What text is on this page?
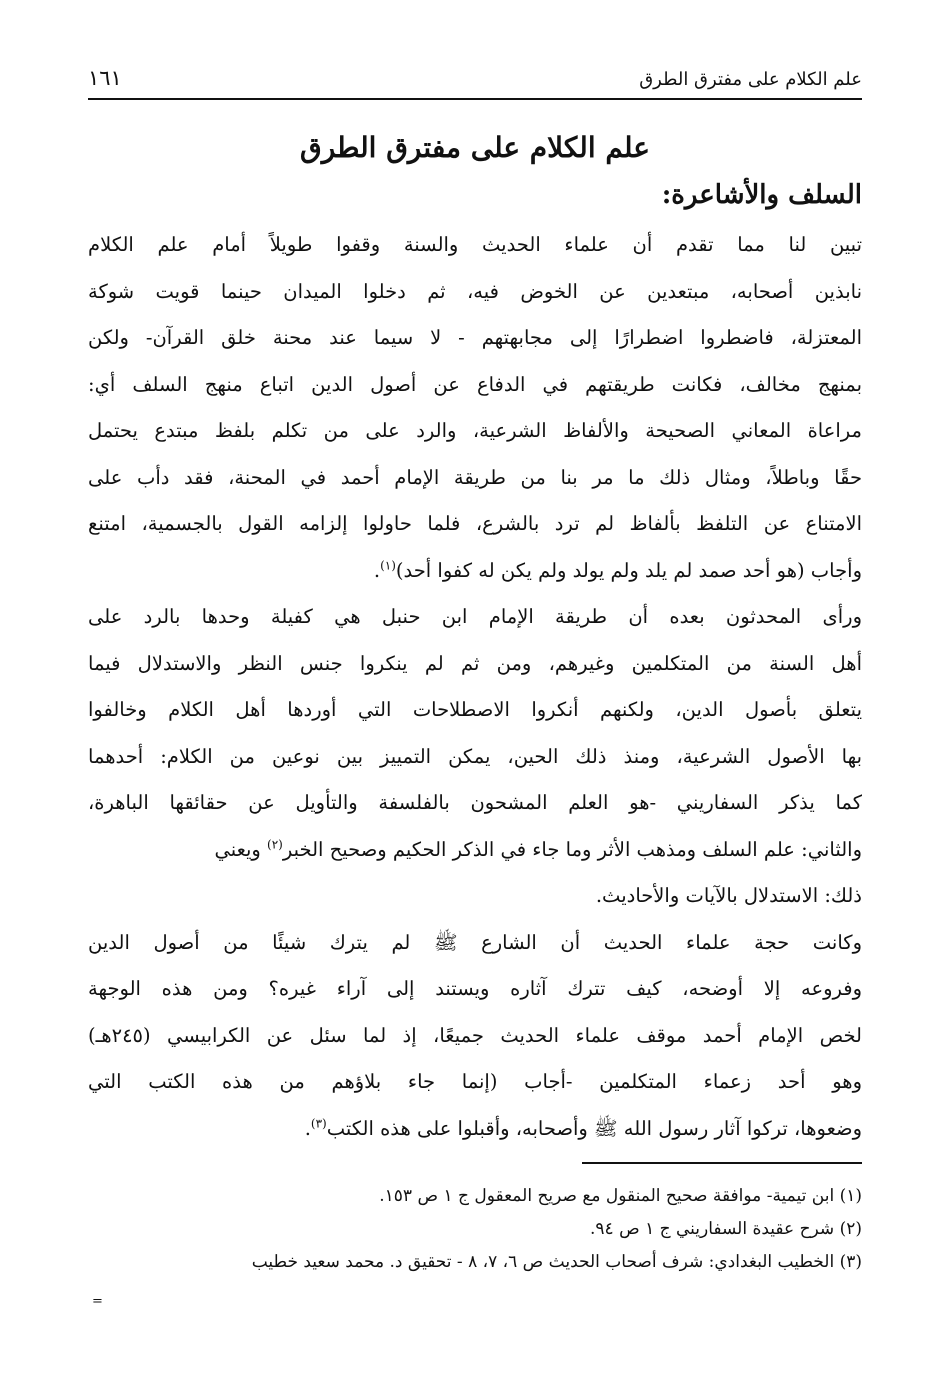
علم الكلام على مفترق الطرق
١٦١
علم الكلام على مفترق الطرق
السلف والأشاعرة:
تبين لنا مما تقدم أن علماء الحديث والسنة وقفوا طويلاً أمام علم الكلام
نابذين أصحابه، مبتعدين عن الخوض فيه، ثم دخلوا الميدان حينما قويت شوكة
المعتزلة، فاضطروا اضطرارًا إلى مجابهتهم - لا سيما عند محنة خلق القرآن- ولكن
بمنهج مخالف، فكانت طريقتهم في الدفاع عن أصول الدين اتباع منهج السلف أي:
مراعاة المعاني الصحيحة والألفاظ الشرعية، والرد على من تكلم بلفظ مبتدع يحتمل
حقًا وباطلاً، ومثال ذلك ما مر بنا من طريقة الإمام أحمد في المحنة، فقد دأب على
الامتناع عن التلفظ بألفاظ لم ترد بالشرع، فلما حاولوا إلزامه القول بالجسمية، امتنع
وأجاب (هو أحد صمد لم يلد ولم يولد ولم يكن له كفوا أحد)$^{(١)}$.
ورأى المحدثون بعده أن طريقة الإمام ابن حنبل هي كفيلة وحدها بالرد على
أهل السنة من المتكلمين وغيرهم، ومن ثم لم ينكروا جنس النظر والاستدلال فيما
يتعلق بأصول الدين، ولكنهم أنكروا الاصطلاحات التي أوردها أهل الكلام وخالفوا
بها الأصول الشرعية، ومنذ ذلك الحين، يمكن التمييز بين نوعين من الكلام: أحدهما
كما يذكر السفاريني -هو العلم المشحون بالفلسفة والتأويل عن حقائقها الباهرة،
والثاني: علم السلف ومذهب الأثر وما جاء في الذكر الحكيم وصحيح الخبر$^{(٢)}$ ويعني
ذلك: الاستدلال بالآيات والأحاديث.
وكانت حجة علماء الحديث أن الشارع ﷺ لم يترك شيئًا من أصول الدين
وفروعه إلا أوضحه، كيف تترك آثاره ويستند إلى آراء غيره؟ ومن هذه الوجهة
لخص الإمام أحمد موقف علماء الحديث جميعًا، إذ لما سئل عن الكرابيسي (٢٤٥هـ)
وهو أحد زعماء المتكلمين -أجاب (إنما جاء بلاؤهم من هذه الكتب التي
وضعوها، تركوا آثار رسول الله ﷺ وأصحابه، وأقبلوا على هذه الكتب$^{(٣)}$.
(١) ابن تيمية- موافقة صحيح المنقول مع صريح المعقول ج ١ ص ١٥٣.
(٢) شرح عقيدة السفاريني ج ١ ص ٩٤.
(٣) الخطيب البغدادي: شرف أصحاب الحديث ص ٦، ٧، ٨ - تحقيق د. محمد سعيد خطيب
=
